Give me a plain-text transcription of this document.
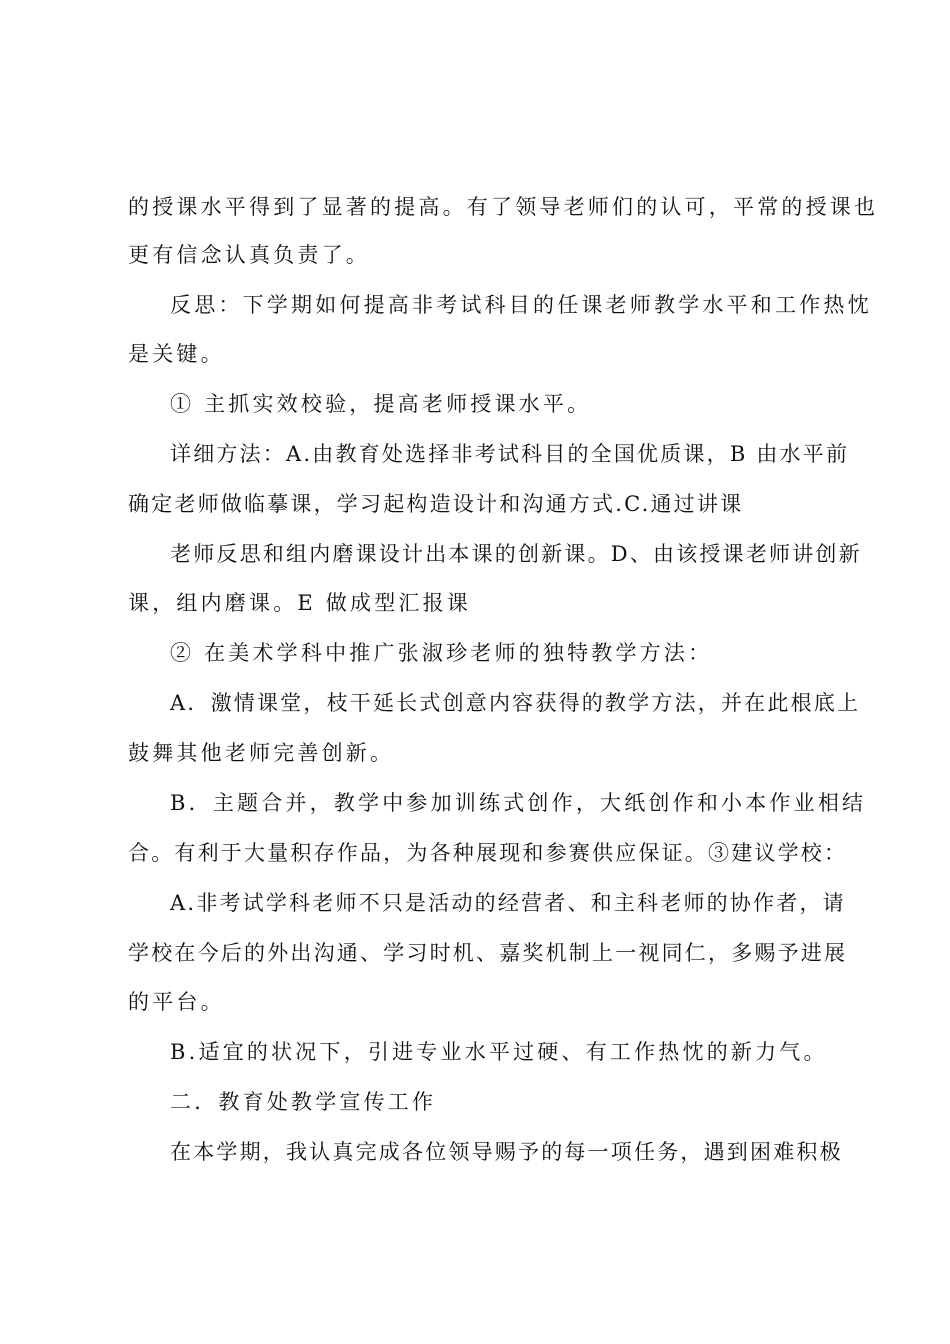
的授课水平得到了显著的提高。有了领导老师们的认可，平常的授课也
更有信念认真负责了。
反思：下学期如何提高非考试科目的任课老师教学水平和工作热忱
是关键。
① 主抓实效校验，提高老师授课水平。
详细方法：A.由教育处选择非考试科目的全国优质课，B 由水平前
确定老师做临摹课，学习起构造设计和沟通方式.C.通过讲课
老师反思和组内磨课设计出本课的创新课。D、由该授课老师讲创新
课，组内磨课。E 做成型汇报课
② 在美术学科中推广张淑珍老师的独特教学方法：
A．激情课堂，枝干延长式创意内容获得的教学方法，并在此根底上
鼓舞其他老师完善创新。
B．主题合并，教学中参加训练式创作，大纸创作和小本作业相结
合。有利于大量积存作品，为各种展现和参赛供应保证。③建议学校：
A.非考试学科老师不只是活动的经营者、和主科老师的协作者，请
学校在今后的外出沟通、学习时机、嘉奖机制上一视同仁，多赐予进展
的平台。
B.适宜的状况下，引进专业水平过硬、有工作热忱的新力气。
二．教育处教学宣传工作
在本学期，我认真完成各位领导赐予的每一项任务，遇到困难积极
